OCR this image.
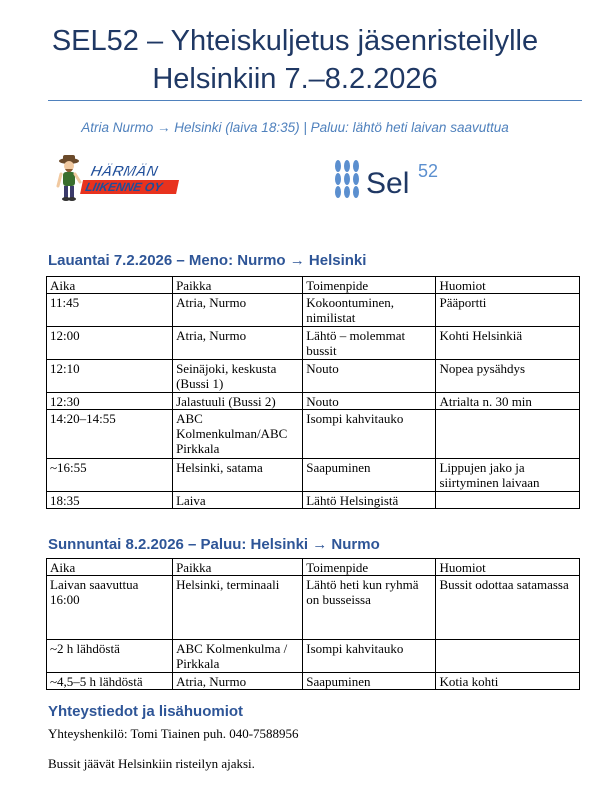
SEL52 – Yhteiskuljetus jäsenristeilylle
Helsinkiin 7.–8.2.2026
Atria Nurmo → Helsinki (laiva 18:35) | Paluu: lähtö heti laivan saavuttua
HÄRMÄN
LIIKENNE OY	Sel 52
Lauantai 7.2.2026 – Meno: Nurmo → Helsinki
Aika	Paikka	Toimenpide	Huomiot
11:45	Atria, Nurmo	Kokoontuminen, nimilistat	Pääportti
12:00	Atria, Nurmo	Lähtö – molemmat bussit	Kohti Helsinkiä
12:10	Seinäjoki, keskusta (Bussi 1)	Nouto	Nopea pysähdys
12:30	Jalastuuli (Bussi 2)	Nouto	Atrialta n. 30 min
14:20–14:55	ABC Kolmenkulman/ABC Pirkkala	Isompi kahvitauko	
~16:55	Helsinki, satama	Saapuminen	Lippujen jako ja siirtyminen laivaan
18:35	Laiva	Lähtö Helsingistä	
Sunnuntai 8.2.2026 – Paluu: Helsinki → Nurmo
Aika	Paikka	Toimenpide	Huomiot
Laivan saavuttua 16:00	Helsinki, terminaali	Lähtö heti kun ryhmä on busseissa	Bussit odottaa satamassa
~2 h lähdöstä	ABC Kolmenkulma / Pirkkala	Isompi kahvitauko	
~4,5–5 h lähdöstä	Atria, Nurmo	Saapuminen	Kotia kohti
Yhteystiedot ja lisähuomiot
Yhteyshenkilö: Tomi Tiainen puh. 040-7588956
Bussit jäävät Helsinkiin risteilyn ajaksi.
